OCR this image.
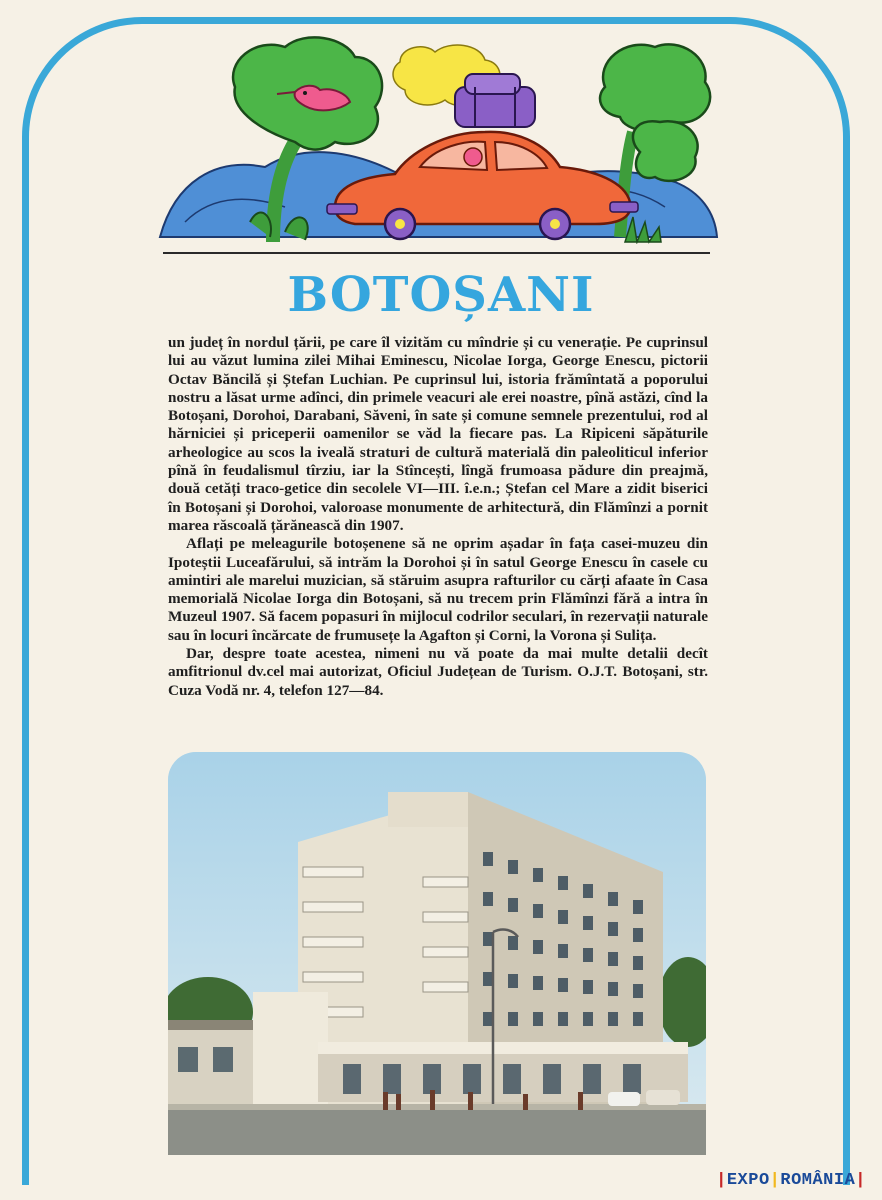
BOTOȘANI

un județ în nordul țării, pe care îl vizităm cu mîndrie și cu venerație. Pe cuprinsul lui au văzut lumina zilei Mihai Eminescu, Nicolae Iorga, George Enescu, pictorii Octav Băncilă și Ștefan Luchian. Pe cuprinsul lui, istoria frămîntată a poporului nostru a lăsat urme adînci, din primele veacuri ale erei noastre, pînă astăzi, cînd la Botoșani, Dorohoi, Darabani, Săveni, în sate și comune semnele prezentului, rod al hărniciei și priceperii oamenilor se văd la fiecare pas. La Ripiceni săpăturile arheologice au scos la iveală straturi de cultură materială din paleoliticul inferior pînă în feudalismul tîrziu, iar la Stîncești, lîngă frumoasa pădure din preajmă, două cetăți traco-getice din secolele VI—III. î.e.n.; Ștefan cel Mare a zidit biserici în Botoșani și Dorohoi, valoroase monumente de arhitectură, din Flămînzi a pornit marea răscoală țărănească din 1907.

Aflați pe meleagurile botoșenene să ne oprim așadar în fața casei-muzeu din Ipoteștii Luceafărului, să intrăm la Dorohoi și în satul George Enescu în casele cu amintiri ale marelui muzician, să stăruim asupra rafturilor cu cărți afaate în Casa memorială Nicolae Iorga din Botoșani, să nu trecem prin Flămînzi fără a intra în Muzeul 1907. Să facem popasuri în mijlocul codrilor seculari, în rezervații naturale sau în locuri încărcate de frumusețe la Agafton și Corni, la Vorona și Sulița.

Dar, despre toate acestea, nimeni nu vă poate da mai multe detalii decît amfitrionul dv.cel mai autorizat, Oficiul Județean de Turism. O.J.T. Botoșani, str. Cuza Vodă nr. 4, telefon 127—84.

|EXPO|ROMÂNIA|
